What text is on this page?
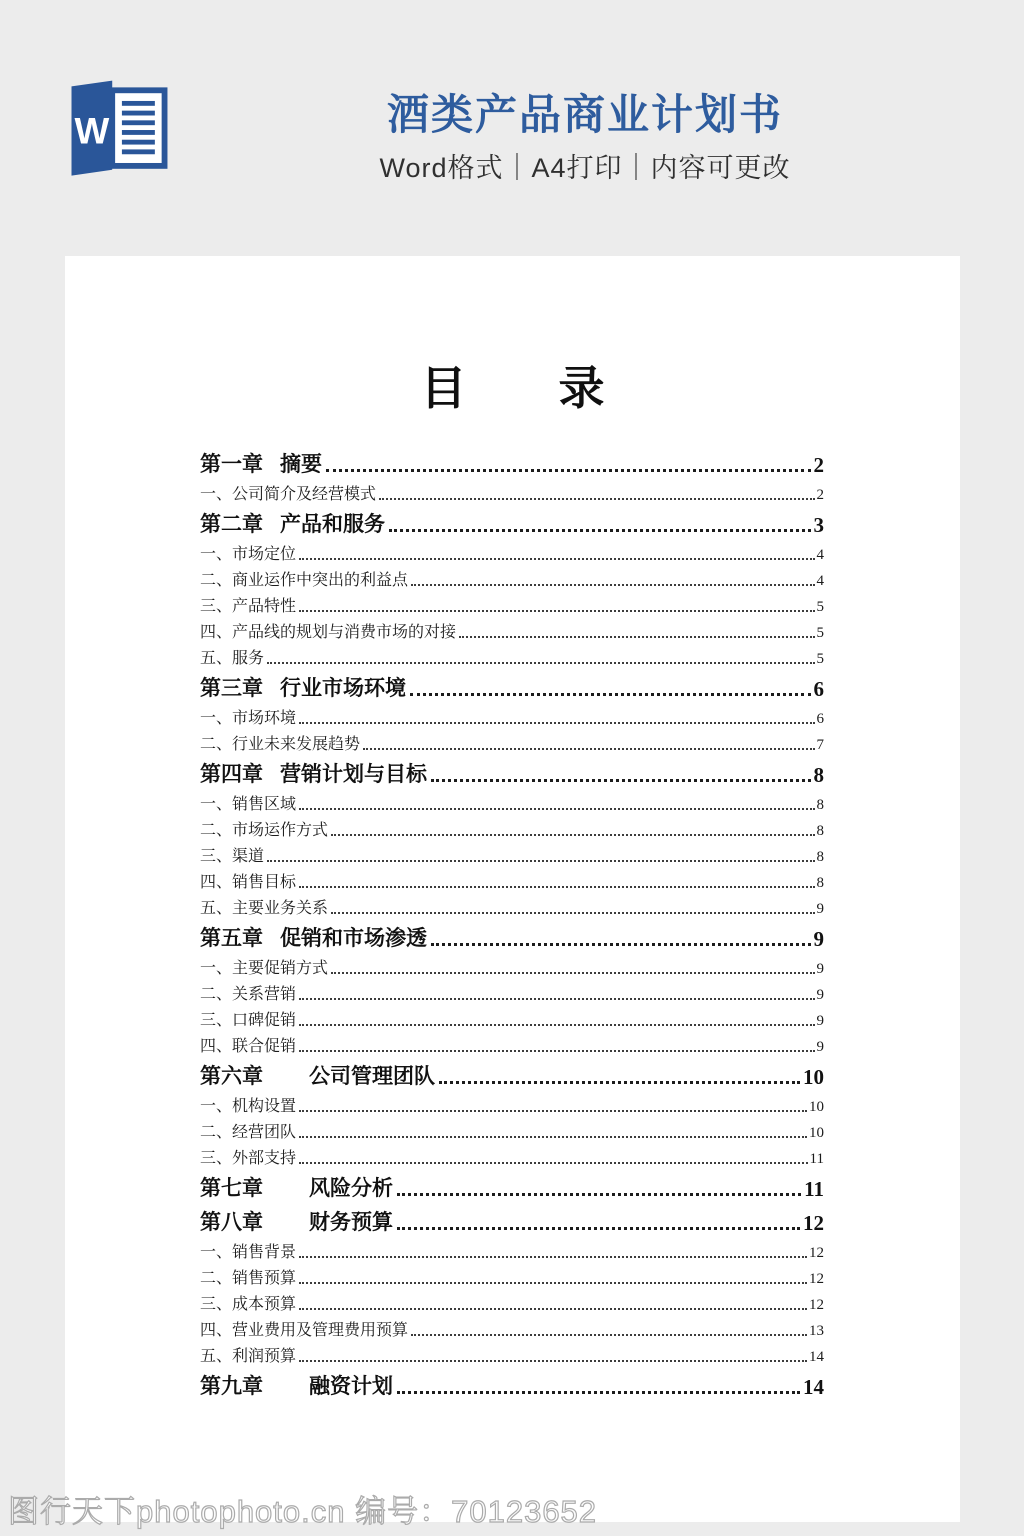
W	酒类产品商业计划书
Word格式｜A4打印｜内容可更改
目　　录
第一章 摘要	2
一、公司简介及经营模式	2
第二章 产品和服务	3
一、市场定位	4
二、商业运作中突出的利益点	4
三、产品特性	5
四、产品线的规划与消费市场的对接	5
五、服务	5
第三章 行业市场环境	6
一、市场环境	6
二、行业未来发展趋势	7
第四章 营销计划与目标	8
一、销售区域	8
二、市场运作方式	8
三、渠道	8
四、销售目标	8
五、主要业务关系	9
第五章 促销和市场渗透	9
一、主要促销方式	9
二、关系营销	9
三、口碑促销	9
四、联合促销	9
第六章 公司管理团队	10
一、机构设置	10
二、经营团队	10
三、外部支持	11
第七章 风险分析	11
第八章 财务预算	12
一、销售背景	12
二、销售预算	12
三、成本预算	12
四、营业费用及管理费用预算	13
五、利润预算	14
第九章 融资计划	14
图行天下photophoto.cn 编号：70123652
